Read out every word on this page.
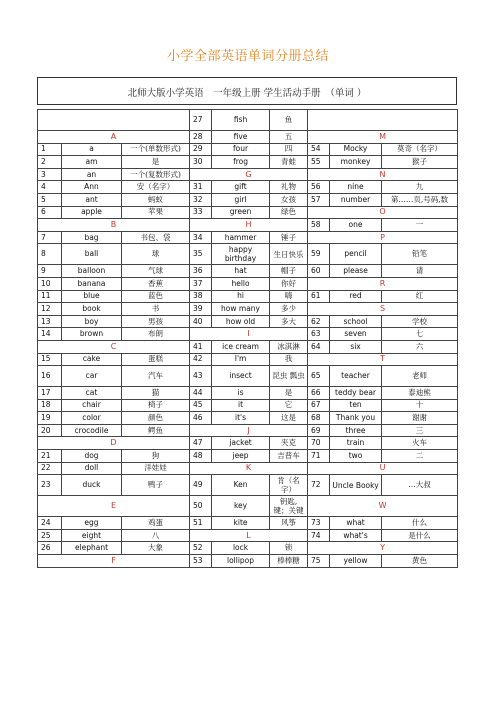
小学全部英语单词分册总结
北师大版小学英语　一年级上册 学生活动手册　（单词 ）
			27	fish	鱼			
A			28	five	五	M		
1	a	一个(单数形式)	29	four	四	54	Mocky	莫奇（名字）
2	am	是	30	frog	青蛙	55	monkey	猴子
3	an	一个(复数形式)	G			N		
4	Ann	安（名字）	31	gift	礼物	56	nine	九
5	ant	蚂蚁	32	girl	女孩	57	number	第……页,号码,数
6	apple	苹果	33	green	绿色	O		
B			H			58	one	一
7	bag	书包、袋	34	hammer	锤子	P		
8	ball	球	35	happy birthday	生日快乐	59	pencil	铅笔
9	balloon	气球	36	hat	帽子	60	please	请
10	banana	香蕉	37	hello	你好	R		
11	blue	蓝色	38	hi	嗨	61	red	红
12	book	书	39	how many	多少	S		
13	boy	男孩	40	how old	多大	62	school	学校
14	brown	布朗	I			63	seven	七
C			41	ice cream	冰淇淋	64	six	六
15	cake	蛋糕	42	I'm	我	T		
16	car	汽车	43	insect	昆虫 瓢虫	65	teacher	老师
17	cat	猫	44	is	是	66	teddy bear	泰迪熊
18	chair	椅子	45	it	它	67	ten	十
19	color	颜色	46	it's	这是	68	Thank you	谢谢
20	crocodile	鳄鱼	J			69	three	三
D			47	jacket	夹克	70	train	火车
21	dog	狗	48	jeep	吉普车	71	two	二
22	doll	洋娃娃	K			U		
23	duck	鸭子	49	Ken	肯（名字）	72	Uncle Booky	…大叔
E			50	key	钥匙, 键；关键	W		
24	egg	鸡蛋	51	kite	风筝	73	what	什么
25	eight	八	L			74	what's	是什么
26	elephant	大象	52	lock	锁	Y		
F			53	lollipop	棒棒糖	75	yellow	黄色
